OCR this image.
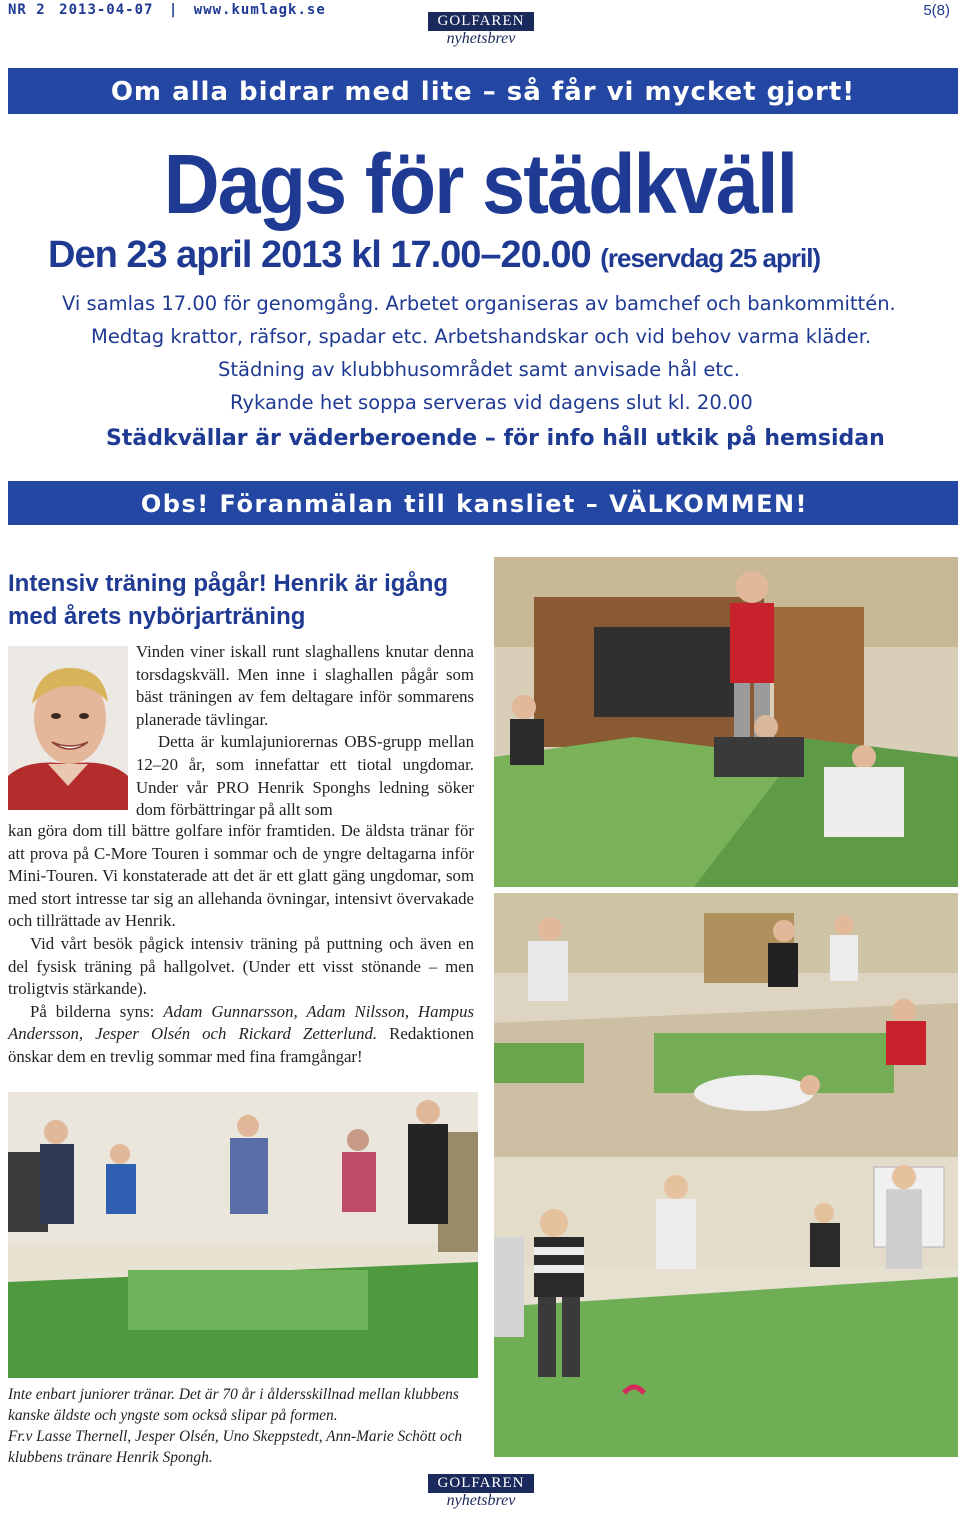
NR 2 2013-04-07 | www.kumlagk.se
GOLFAREN
nyhetsbrev
5(8)
Om alla bidrar med lite – så får vi mycket gjort!
Dags för städkväll
Den 23 april 2013 kl 17.00–20.00 (reservdag 25 april)
Vi samlas 17.00 för genomgång. Arbetet organiseras av bamchef och bankommittén.
Medtag krattor, räfsor, spadar etc. Arbetshandskar och vid behov varma kläder.
Städning av klubbhusområdet samt anvisade hål etc.
Rykande het soppa serveras vid dagens slut kl. 20.00
Städkvällar är väderberoende – för info håll utkik på hemsidan
Obs! Föranmälan till kansliet – VÄLKOMMEN!
Intensiv träning pågår! Henrik är igång
med årets nybörjarträning
Vinden viner iskall runt slaghallens knutar denna torsdagskväll. Men inne i slaghallen pågår som bäst träningen av fem deltagare inför sommarens planerade tävlingar.
Detta är kumlajuniorernas OBS-grupp mellan 12–20 år, som innefattar ett tiotal ungdomar. Under vår PRO Henrik Sponghs ledning söker dom förbättringar på allt som
kan göra dom till bättre golfare inför framtiden. De äldsta tränar för att prova på C-More Touren i sommar och de yngre deltagarna inför Mini-Touren. Vi konstaterade att det är ett glatt gäng ungdomar, som med stort intresse tar sig an allehanda övningar, intensivt övervakade och tillrättade av Henrik.
Vid vårt besök pågick intensiv träning på puttning och även en del fysisk träning på hallgolvet. (Under ett visst stönande – men troligtvis stärkande).
På bilderna syns: Adam Gunnarsson, Adam Nilsson, Hampus Andersson, Jesper Olsén och Rickard Zetterlund. Redaktionen önskar dem en trevlig sommar med fina framgångar!
Inte enbart juniorer tränar. Det är 70 år i åldersskillnad mellan klubbens kanske äldste och yngste som också slipar på formen.
Fr.v Lasse Thernell, Jesper Olsén, Uno Skeppstedt, Ann-Marie Schött och klubbens tränare Henrik Spongh.
GOLFAREN
nyhetsbrev
